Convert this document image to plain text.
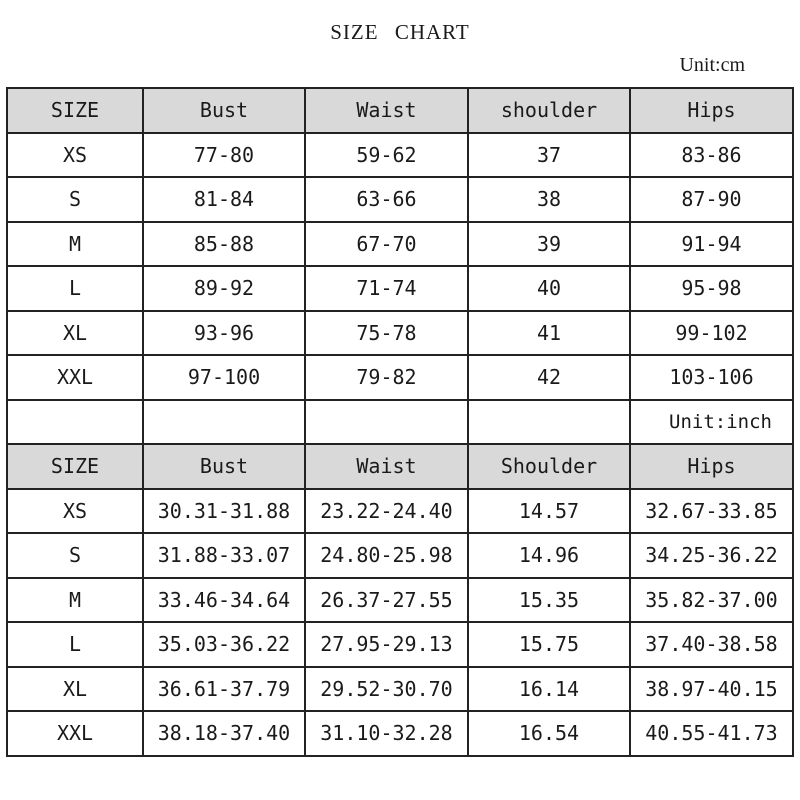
SIZE CHART
Unit:cm
SIZE	Bust	Waist	shoulder	Hips
XS	77-80	59-62	37	83-86
S	81-84	63-66	38	87-90
M	85-88	67-70	39	91-94
L	89-92	71-74	40	95-98
XL	93-96	75-78	41	99-102
XXL	97-100	79-82	42	103-106
				Unit:inch
SIZE	Bust	Waist	Shoulder	Hips
XS	30.31-31.88	23.22-24.40	14.57	32.67-33.85
S	31.88-33.07	24.80-25.98	14.96	34.25-36.22
M	33.46-34.64	26.37-27.55	15.35	35.82-37.00
L	35.03-36.22	27.95-29.13	15.75	37.40-38.58
XL	36.61-37.79	29.52-30.70	16.14	38.97-40.15
XXL	38.18-37.40	31.10-32.28	16.54	40.55-41.73
